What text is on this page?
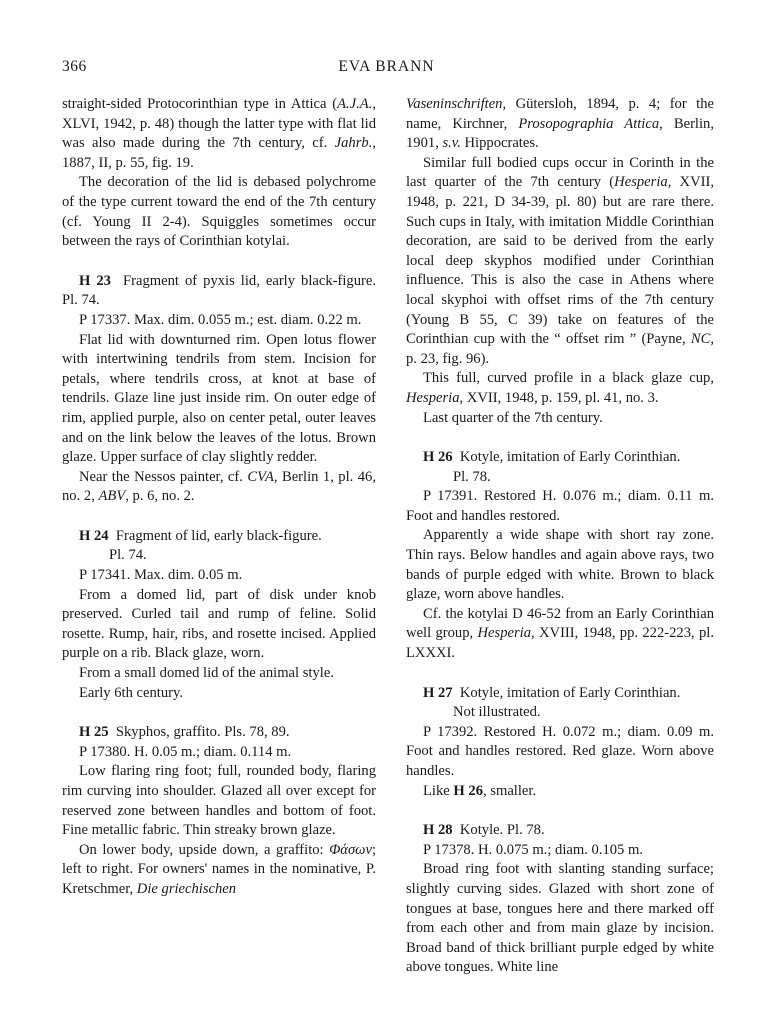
366	EVA BRANN

straight-sided Protocorinthian type in Attica (A.J.A., XLVI, 1942, p. 48) though the latter type with flat lid was also made during the 7th century, cf. Jahrb., 1887, II, p. 55, fig. 19.

The decoration of the lid is debased polychrome of the type current toward the end of the 7th century (cf. Young II 2-4). Squiggles sometimes occur between the rays of Corinthian kotylai.

H 23 Fragment of pyxis lid, early black-figure. Pl. 74.

P 17337. Max. dim. 0.055 m.; est. diam. 0.22 m.

Flat lid with downturned rim. Open lotus flower with intertwining tendrils from stem. Incision for petals, where tendrils cross, at knot at base of tendrils. Glaze line just inside rim. On outer edge of rim, applied purple, also on center petal, outer leaves and on the link below the leaves of the lotus. Brown glaze. Upper surface of clay slightly redder.

Near the Nessos painter, cf. CVA, Berlin 1, pl. 46, no. 2, ABV, p. 6, no. 2.

H 24 Fragment of lid, early black-figure.
Pl. 74.

P 17341. Max. dim. 0.05 m.

From a domed lid, part of disk under knob preserved. Curled tail and rump of feline. Solid rosette. Rump, hair, ribs, and rosette incised. Applied purple on a rib. Black glaze, worn.

From a small domed lid of the animal style.

Early 6th century.

H 25 Skyphos, graffito. Pls. 78, 89.

P 17380. H. 0.05 m.; diam. 0.114 m.

Low flaring ring foot; full, rounded body, flaring rim curving into shoulder. Glazed all over except for reserved zone between handles and bottom of foot. Fine metallic fabric. Thin streaky brown glaze.

On lower body, upside down, a graffito: Φάσων; left to right. For owners' names in the nominative, P. Kretschmer, Die griechischen

Vaseninschriften, Gütersloh, 1894, p. 4; for the name, Kirchner, Prosopographia Attica, Berlin, 1901, s.v. Hippocrates.

Similar full bodied cups occur in Corinth in the last quarter of the 7th century (Hesperia, XVII, 1948, p. 221, D 34-39, pl. 80) but are rare there. Such cups in Italy, with imitation Middle Corinthian decoration, are said to be derived from the early local deep skyphos modified under Corinthian influence. This is also the case in Athens where local skyphoi with offset rims of the 7th century (Young B 55, C 39) take on features of the Corinthian cup with the “ offset rim ” (Payne, NC, p. 23, fig. 96).

This full, curved profile in a black glaze cup, Hesperia, XVII, 1948, p. 159, pl. 41, no. 3.

Last quarter of the 7th century.

H 26 Kotyle, imitation of Early Corinthian.
Pl. 78.

P 17391. Restored H. 0.076 m.; diam. 0.11 m. Foot and handles restored.

Apparently a wide shape with short ray zone. Thin rays. Below handles and again above rays, two bands of purple edged with white. Brown to black glaze, worn above handles.

Cf. the kotylai D 46-52 from an Early Corinthian well group, Hesperia, XVIII, 1948, pp. 222-223, pl. LXXXI.

H 27 Kotyle, imitation of Early Corinthian.
Not illustrated.

P 17392. Restored H. 0.072 m.; diam. 0.09 m. Foot and handles restored. Red glaze. Worn above handles.

Like H 26, smaller.

H 28 Kotyle. Pl. 78.

P 17378. H. 0.075 m.; diam. 0.105 m.

Broad ring foot with slanting standing surface; slightly curving sides. Glazed with short zone of tongues at base, tongues here and there marked off from each other and from main glaze by incision. Broad band of thick brilliant purple edged by white above tongues. White line
